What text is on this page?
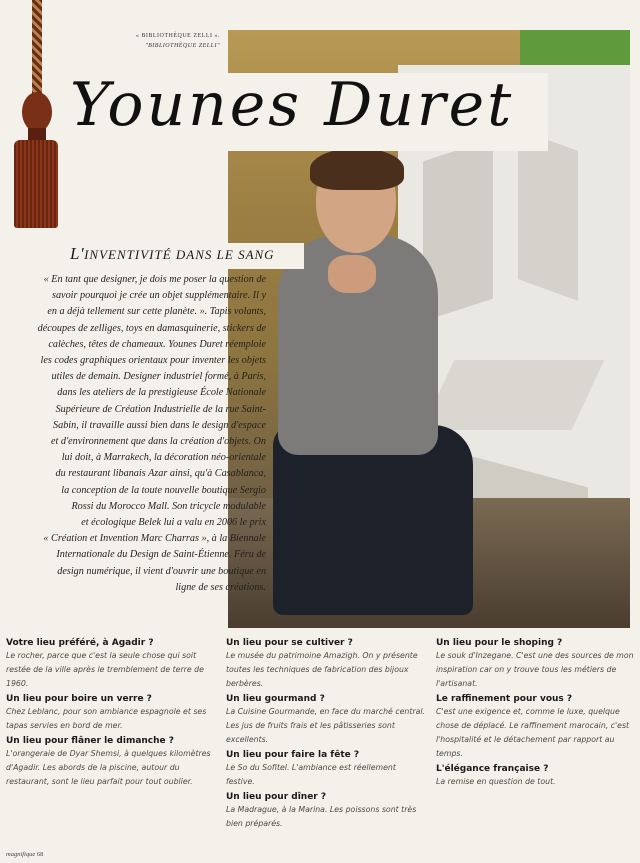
« BIBLIOTHÈQUE ZELLI ».
"BIBLIOTHÈQUE ZELLI"
Younes Duret
L'INVENTIVITÉ DANS LE SANG

« En tant que designer, je dois me poser la question de

savoir pourquoi je crée un objet supplémentaire. Il y

en a déjà tellement sur cette planète. ». Tapis volants,

découpes de zelliges, toys en damasquinerie, stickers de

calèches, têtes de chameaux. Younes Duret réemploie

les codes graphiques orientaux pour inventer les objets

utiles de demain. Designer industriel formé, à Paris,

dans les ateliers de la prestigieuse École Nationale

Supérieure de Création Industrielle de la rue Saint-

Sabin, il travaille aussi bien dans le design d'espace

et d'environnement que dans la création d'objets. On

lui doit, à Marrakech, la décoration néo-orientale

du restaurant libanais Azar ainsi, qu'à Casablanca,

la conception de la toute nouvelle boutique Sergio

Rossi du Morocco Mall. Son tricycle modulable

et écologique Belek lui a valu en 2006 le prix

« Création et Invention Marc Charras », à la Biennale

Internationale du Design de Saint-Étienne. Féru de

design numérique, il vient d'ouvrir une boutique en

ligne de ses créations.

Votre lieu préféré, à Agadir ?

Le rocher, parce que c'est la seule chose qui soit restée de la ville après le tremblement de terre de 1960.

Un lieu pour boire un verre ?

Chez Leblanc, pour son ambiance espagnole et ses tapas servies en bord de mer.

Un lieu pour flâner le dimanche ?

L'orangeraie de Dyar Shemsi, à quelques kilomètres d'Agadir. Les abords de la piscine, autour du restaurant, sont le lieu parfait pour tout oublier.

Un lieu pour se cultiver ?

Le musée du patrimoine Amazigh. On y présente toutes les techniques de fabrication des bijoux berbères.

Un lieu gourmand ?

La Cuisine Gourmande, en face du marché central. Les jus de fruits frais et les pâtisseries sont excellents.

Un lieu pour faire la fête ?

Le So du Sofitel. L'ambiance est réellement festive.

Un lieu pour dîner ?

La Madrague, à la Marina. Les poissons sont très bien préparés.

Un lieu pour le shoping ?

Le souk d'Inzegane. C'est une des sources de mon inspiration car on y trouve tous les métiers de l'artisanat.

Le raffinement pour vous ?

C'est une exigence et, comme le luxe, quelque chose de déplacé. Le raffinement marocain, c'est l'hospitalité et le détachement par rapport au temps.

L'élégance française ?

La remise en question de tout.

magnifique 68
